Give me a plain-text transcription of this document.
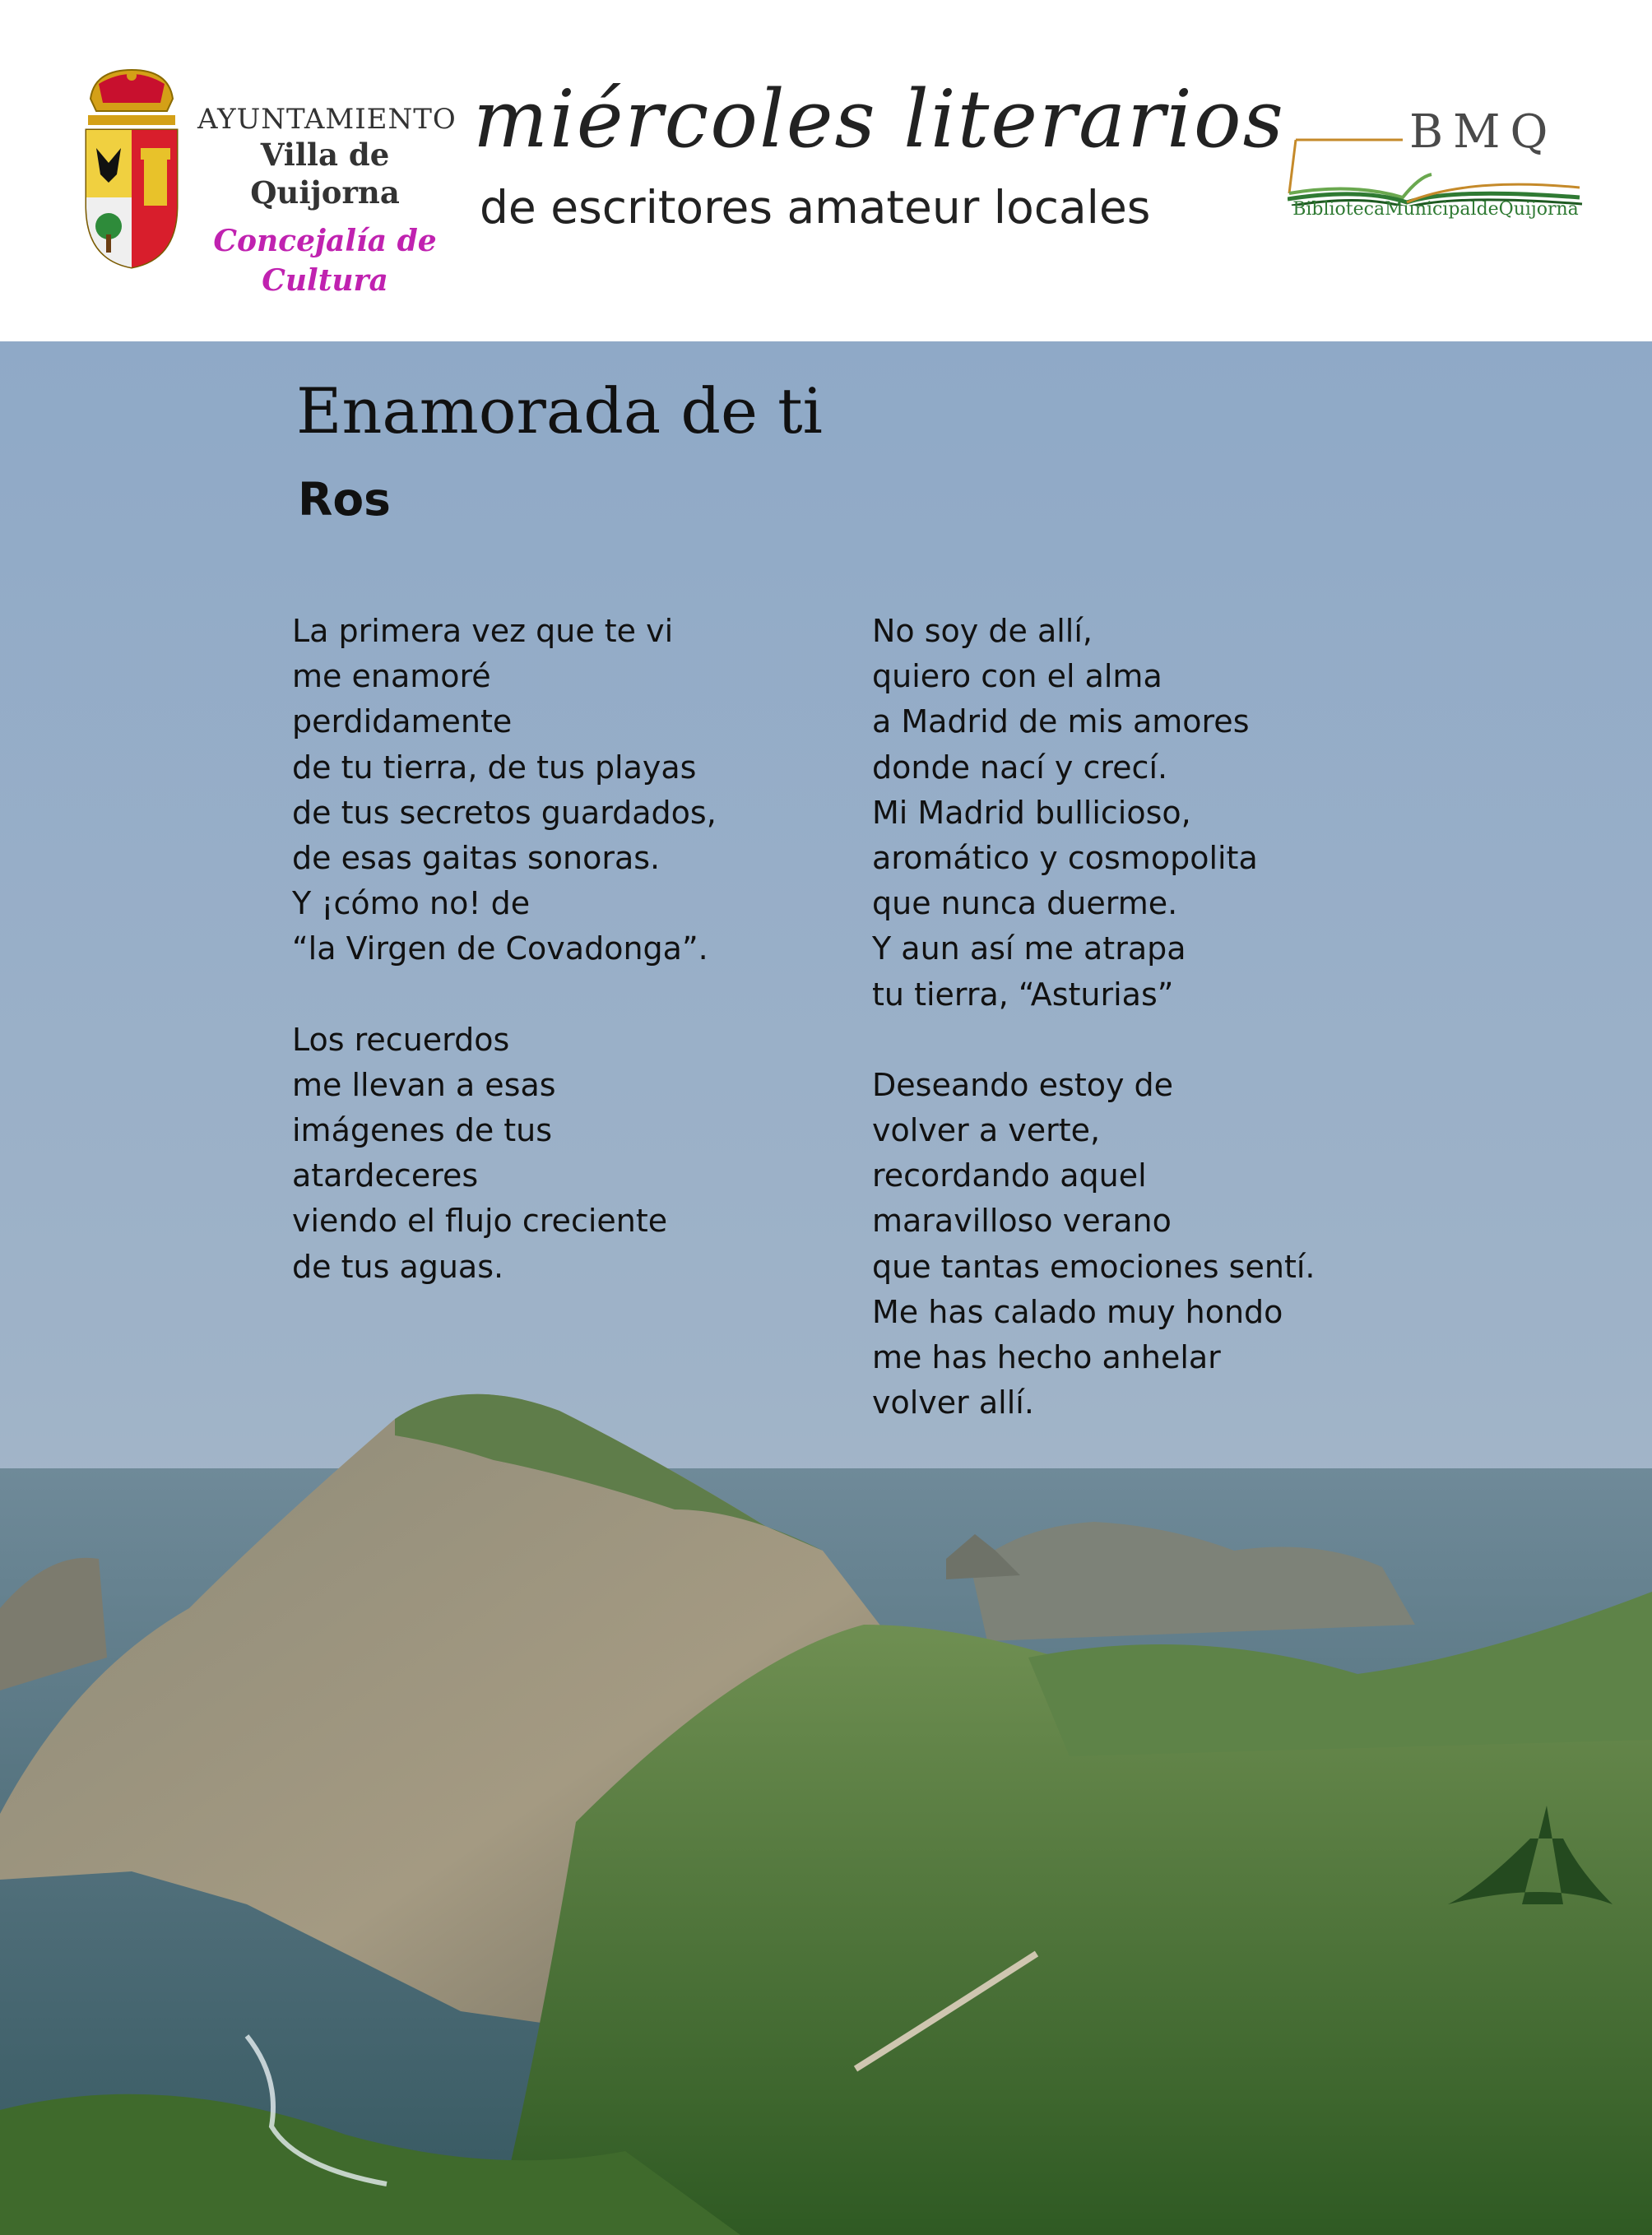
AYUNTAMIENTO
Villa de Quijorna
Concejalía de
Cultura
miércoles literarios
de escritores amateur locales
BMQ
BibliotecaMunicipaldeQuijorna
Enamorada de ti
Ros
La primera vez que te vi
me enamoré
perdidamente
de tu tierra, de tus playas
de tus secretos guardados,
de esas gaitas sonoras.
Y ¡cómo no! de
“la Virgen de Covadonga”.
Los recuerdos
me llevan a esas
imágenes de tus
atardeceres
viendo el flujo creciente
de tus aguas.
No soy de allí,
quiero con el alma
a Madrid de mis amores
donde nací y crecí.
Mi Madrid bullicioso,
aromático y cosmopolita
que nunca duerme.
Y aun así me atrapa
tu tierra, “Asturias”
Deseando estoy de
volver a verte,
recordando aquel
maravilloso verano
que tantas emociones sentí.
Me has calado muy hondo
me has hecho anhelar
volver allí.
